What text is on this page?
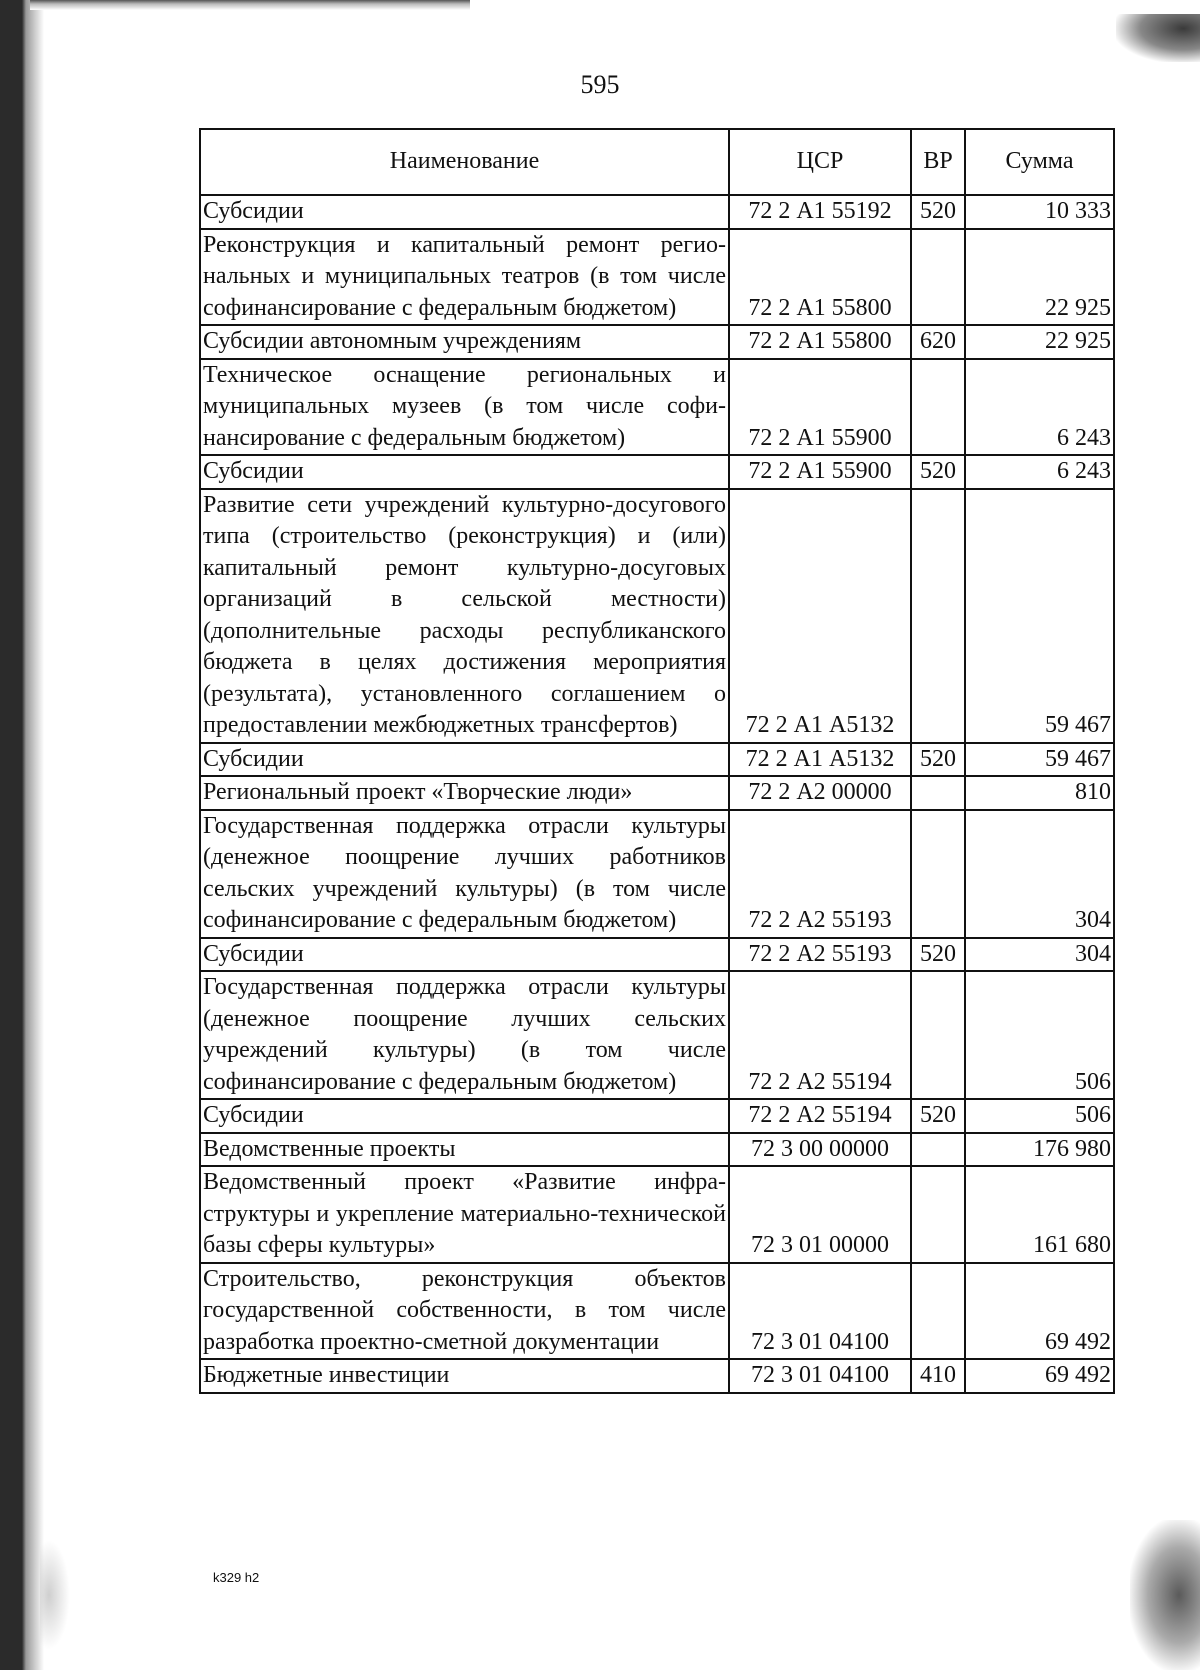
595
Наименование	ЦСР	ВР	Сумма
Субсидии	72 2 А1 55192	520	10 333
Реконструкция и капитальный ремонт региональных и муниципальных театров (в том числе софинансирование с федеральным бюджетом)	72 2 А1 55800		22 925
Субсидии автономным учреждениям	72 2 А1 55800	620	22 925
Техническое оснащение региональных и муниципальных музеев (в том числе софинансирование с федеральным бюджетом)	72 2 А1 55900		6 243
Субсидии	72 2 А1 55900	520	6 243
Развитие сети учреждений культурно-досугового типа (строительство (реконструкция) и (или) капитальный ремонт культурно-досуговых организаций в сельской местности) (дополнительные расходы республиканского бюджета в целях достижения мероприятия (результата), установленного соглашением о предоставлении межбюджетных трансфертов)	72 2 А1 А5132		59 467
Субсидии	72 2 А1 А5132	520	59 467
Региональный проект «Творческие люди»	72 2 А2 00000		810
Государственная поддержка отрасли культуры (денежное поощрение лучших работников сельских учреждений культуры) (в том числе софинансирование с федеральным бюджетом)	72 2 А2 55193		304
Субсидии	72 2 А2 55193	520	304
Государственная поддержка отрасли культуры (денежное поощрение лучших сельских учреждений культуры) (в том числе софинансирование с федеральным бюджетом)	72 2 А2 55194		506
Субсидии	72 2 А2 55194	520	506
Ведомственные проекты	72 3 00 00000		176 980
Ведомственный проект «Развитие инфраструктуры и укрепление материально-технической базы сферы культуры»	72 3 01 00000		161 680
Строительство, реконструкция объектов государственной собственности, в том числе разработка проектно-сметной документации	72 3 01 04100		69 492
Бюджетные инвестиции	72 3 01 04100	410	69 492
k329 h2
